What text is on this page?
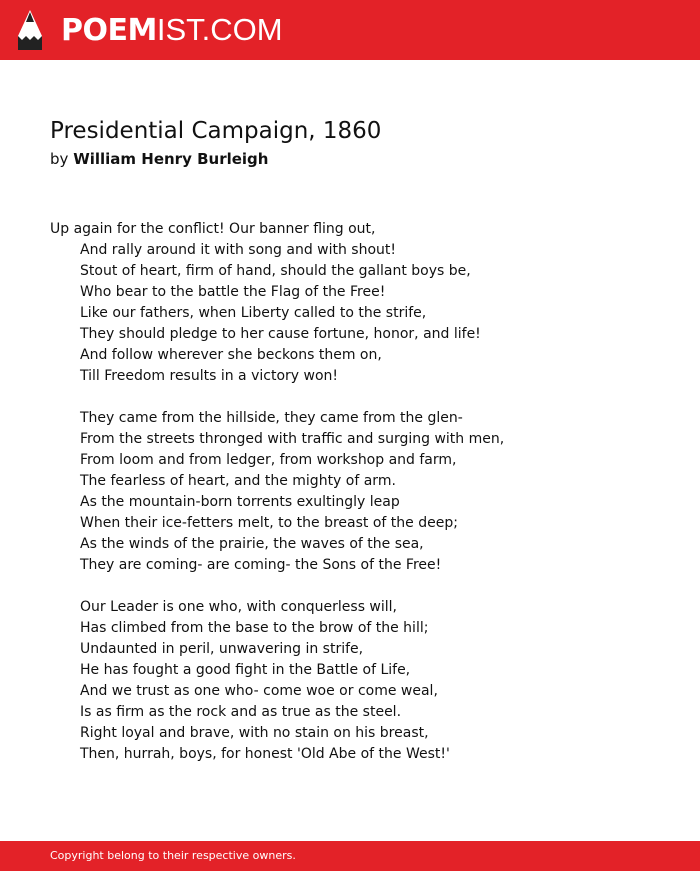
POEMIST.COM
Presidential Campaign, 1860
by William Henry Burleigh
Up again for the conflict! Our banner fling out,
And rally around it with song and with shout!
Stout of heart, firm of hand, should the gallant boys be,
Who bear to the battle the Flag of the Free!
Like our fathers, when Liberty called to the strife,
They should pledge to her cause fortune, honor, and life!
And follow wherever she beckons them on,
Till Freedom results in a victory won!
They came from the hillside, they came from the glen-
From the streets thronged with traffic and surging with men,
From loom and from ledger, from workshop and farm,
The fearless of heart, and the mighty of arm.
As the mountain-born torrents exultingly leap
When their ice-fetters melt, to the breast of the deep;
As the winds of the prairie, the waves of the sea,
They are coming- are coming- the Sons of the Free!
Our Leader is one who, with conquerless will,
Has climbed from the base to the brow of the hill;
Undaunted in peril, unwavering in strife,
He has fought a good fight in the Battle of Life,
And we trust as one who- come woe or come weal,
Is as firm as the rock and as true as the steel.
Right loyal and brave, with no stain on his breast,
Then, hurrah, boys, for honest 'Old Abe of the West!'
Copyright belong to their respective owners.
